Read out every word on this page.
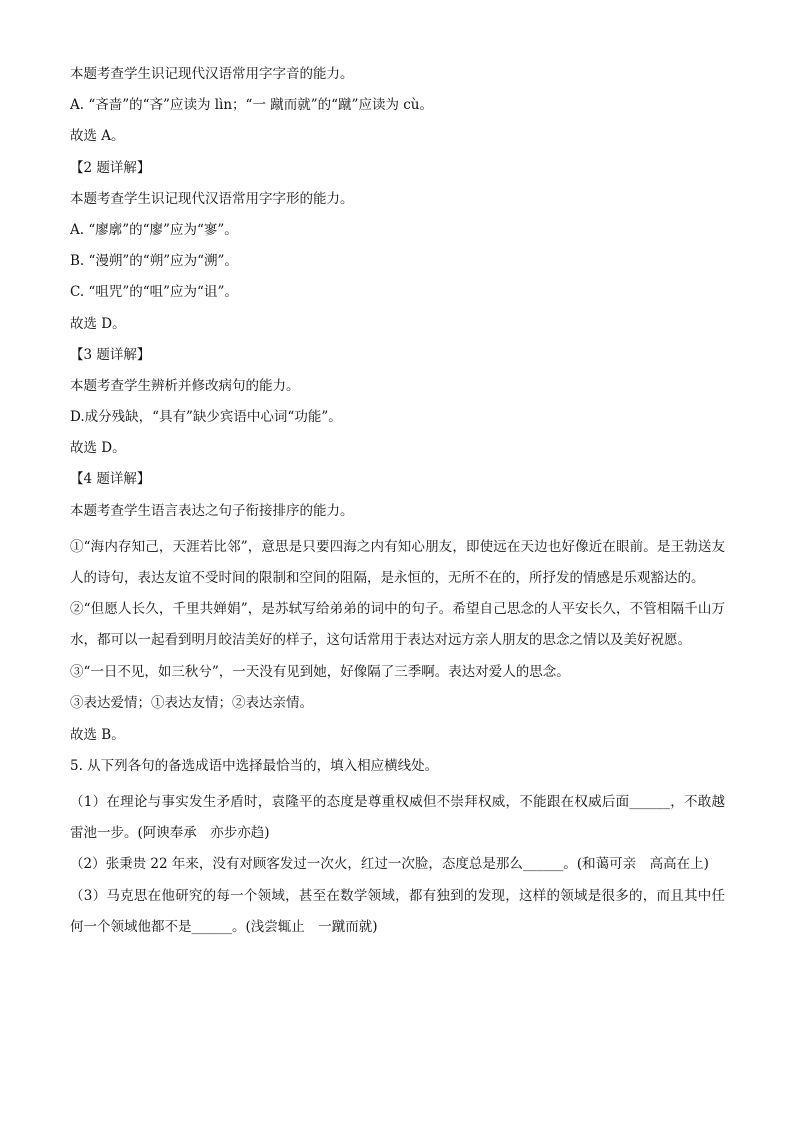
本题考查学生识记现代汉语常用字字音的能力。

A. “吝啬”的“吝”应读为 lìn；“一 蹴而就”的“蹴”应读为 cù。

故选 A。

【2 题详解】

本题考查学生识记现代汉语常用字字形的能力。

A. “廖廓”的“廖”应为“寥”。

B. “漫朔”的“朔”应为“溯”。

C. “咀咒”的“咀”应为“诅”。

故选 D。

【3 题详解】

本题考查学生辨析并修改病句的能力。

D.成分残缺，“具有”缺少宾语中心词“功能”。

故选 D。

【4 题详解】

本题考查学生语言表达之句子衔接排序的能力。

①“海内存知己，天涯若比邻”，意思是只要四海之内有知心朋友，即使远在天边也好像近在眼前。是王勃送友人的诗句，表达友谊不受时间的限制和空间的阻隔，是永恒的，无所不在的，所抒发的情感是乐观豁达的。

②“但愿人长久，千里共婵娟”，是苏轼写给弟弟的词中的句子。希望自己思念的人平安长久，不管相隔千山万水，都可以一起看到明月皎洁美好的样子，这句话常用于表达对远方亲人朋友的思念之情以及美好祝愿。

③“一日不见，如三秋兮”，一天没有见到她，好像隔了三季啊。表达对爱人的思念。

③表达爱情；①表达友情；②表达亲情。

故选 B。

5. 从下列各句的备选成语中选择最恰当的，填入相应横线处。

（1）在理论与事实发生矛盾时，袁隆平的态度是尊重权威但不崇拜权威，不能跟在权威后面______，不敢越雷池一步。(阿谀奉承　亦步亦趋)

（2）张秉贵 22 年来，没有对顾客发过一次火，红过一次脸，态度总是那么______。(和蔼可亲　高高在上)

（3）马克思在他研究的每一个领域，甚至在数学领域，都有独到的发现，这样的领域是很多的，而且其中任何一个领域他都不是______。(浅尝辄止　一蹴而就)
